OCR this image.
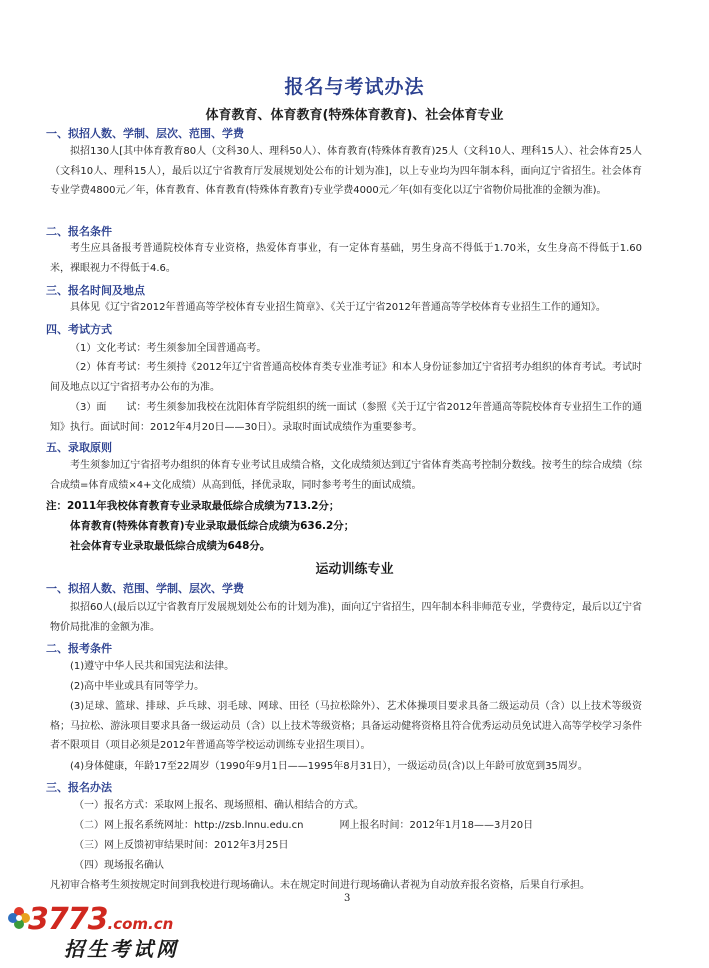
报名与考试办法
体育教育、体育教育(特殊体育教育)、社会体育专业
一、拟招人数、学制、层次、范围、学费
拟招130人[其中体育教育80人（文科30人、理科50人）、体育教育(特殊体育教育)25人（文科10人、理科15人）、社会体育25人（文科10人、理科15人），最后以辽宁省教育厅发展规划处公布的计划为准]，以上专业均为四年制本科，面向辽宁省招生。社会体育专业学费4800元／年，体育教育、体育教育(特殊体育教育)专业学费4000元／年(如有变化以辽宁省物价局批准的金额为准)。
二、报名条件
考生应具备报考普通院校体育专业资格，热爱体育事业，有一定体育基础，男生身高不得低于1.70米，女生身高不得低于1.60米，裸眼视力不得低于4.6。
三、报名时间及地点
具体见《辽宁省2012年普通高等学校体育专业招生简章》、《关于辽宁省2012年普通高等学校体育专业招生工作的通知》。
四、考试方式
（1）文化考试：考生须参加全国普通高考。
（2）体育考试：考生须持《2012年辽宁省普通高校体育类专业准考证》和本人身份证参加辽宁省招考办组织的体育考试。考试时间及地点以辽宁省招考办公布的为准。
（3）面　　试：考生须参加我校在沈阳体育学院组织的统一面试（参照《关于辽宁省2012年普通高等院校体育专业招生工作的通知》执行。面试时间：2012年4月20日——30日）。录取时面试成绩作为重要参考。
五、录取原则
考生须参加辽宁省招考办组织的体育专业考试且成绩合格，文化成绩须达到辽宁省体育类高考控制分数线。按考生的综合成绩（综合成绩=体育成绩×4+文化成绩）从高到低，择优录取，同时参考考生的面试成绩。
注：2011年我校体育教育专业录取最低综合成绩为713.2分；
体育教育(特殊体育教育)专业录取最低综合成绩为636.2分；
社会体育专业录取最低综合成绩为648分。
运动训练专业
一、拟招人数、范围、学制、层次、学费
拟招60人(最后以辽宁省教育厅发展规划处公布的计划为准)，面向辽宁省招生，四年制本科非师范专业，学费待定，最后以辽宁省物价局批准的金额为准。
二、报考条件
(1)遵守中华人民共和国宪法和法律。
(2)高中毕业或具有同等学力。
(3)足球、篮球、排球、乒乓球、羽毛球、网球、田径（马拉松除外）、艺术体操项目要求具备二级运动员（含）以上技术等级资格；马拉松、游泳项目要求具备一级运动员（含）以上技术等级资格；具备运动健将资格且符合优秀运动员免试进入高等学校学习条件者不限项目（项目必须是2012年普通高等学校运动训练专业招生项目）。
(4)身体健康，年龄17至22周岁（1990年9月1日——1995年8月31日），一级运动员(含)以上年龄可放宽到35周岁。
三、报名办法
（一）报名方式：采取网上报名、现场照相、确认相结合的方式。
（二）网上报名系统网址：http://zsb.lnnu.edu.cn	网上报名时间：2012年1月18——3月20日
（三）网上反馈初审结果时间：2012年3月25日
（四）现场报名确认
凡初审合格考生须按规定时间到我校进行现场确认。未在规定时间进行现场确认者视为自动放弃报名资格，后果自行承担。
3
3773.com.cn
招生考试网
